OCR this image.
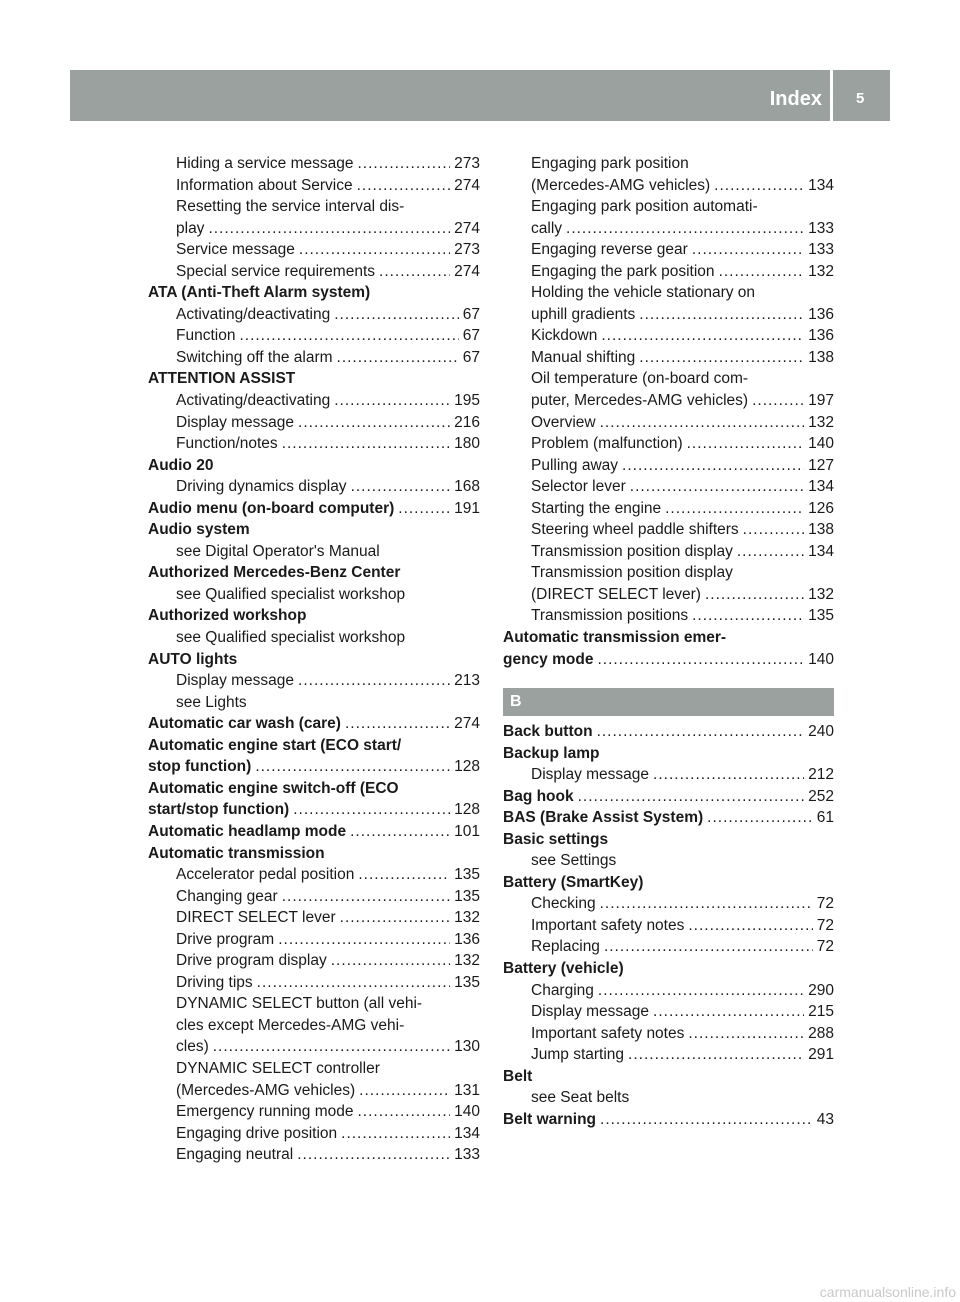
Index 5
Hiding a service message .....	273
Information about Service .....	274
Resetting the service interval dis-
play .....	274
Service message .....	273
Special service requirements .....	274
ATA (Anti-Theft Alarm system)
Activating/deactivating .....	67
Function .....	67
Switching off the alarm .....	67
ATTENTION ASSIST
Activating/deactivating .....	195
Display message .....	216
Function/notes .....	180
Audio 20
Driving dynamics display .....	168
Audio menu (on-board computer) .....	191
Audio system
see Digital Operator's Manual
Authorized Mercedes-Benz Center
see Qualified specialist workshop
Authorized workshop
see Qualified specialist workshop
AUTO lights
Display message .....	213
see Lights
Automatic car wash (care) .....	274
Automatic engine start (ECO start/
stop function) .....	128
Automatic engine switch-off (ECO
start/stop function) .....	128
Automatic headlamp mode .....	101
Automatic transmission
Accelerator pedal position .....	135
Changing gear .....	135
DIRECT SELECT lever .....	132
Drive program .....	136
Drive program display .....	132
Driving tips .....	135
DYNAMIC SELECT button (all vehi-
cles except Mercedes-AMG vehi-
cles) .....	130
DYNAMIC SELECT controller
(Mercedes-AMG vehicles) .....	131
Emergency running mode .....	140
Engaging drive position .....	134
Engaging neutral .....	133
Engaging park position
(Mercedes-AMG vehicles) .....	134
Engaging park position automati-
cally .....	133
Engaging reverse gear .....	133
Engaging the park position .....	132
Holding the vehicle stationary on
uphill gradients .....	136
Kickdown .....	136
Manual shifting .....	138
Oil temperature (on-board com-
puter, Mercedes-AMG vehicles) .....	197
Overview .....	132
Problem (malfunction) .....	140
Pulling away .....	127
Selector lever .....	134
Starting the engine .....	126
Steering wheel paddle shifters .....	138
Transmission position display .....	134
Transmission position display
(DIRECT SELECT lever) .....	132
Transmission positions .....	135
Automatic transmission emer-
gency mode .....	140
B
Back button .....	240
Backup lamp
Display message .....	212
Bag hook .....	252
BAS (Brake Assist System) .....	61
Basic settings
see Settings
Battery (SmartKey)
Checking .....	72
Important safety notes .....	72
Replacing .....	72
Battery (vehicle)
Charging .....	290
Display message .....	215
Important safety notes .....	288
Jump starting .....	291
Belt
see Seat belts
Belt warning .....	43
carmanualsonline.info
